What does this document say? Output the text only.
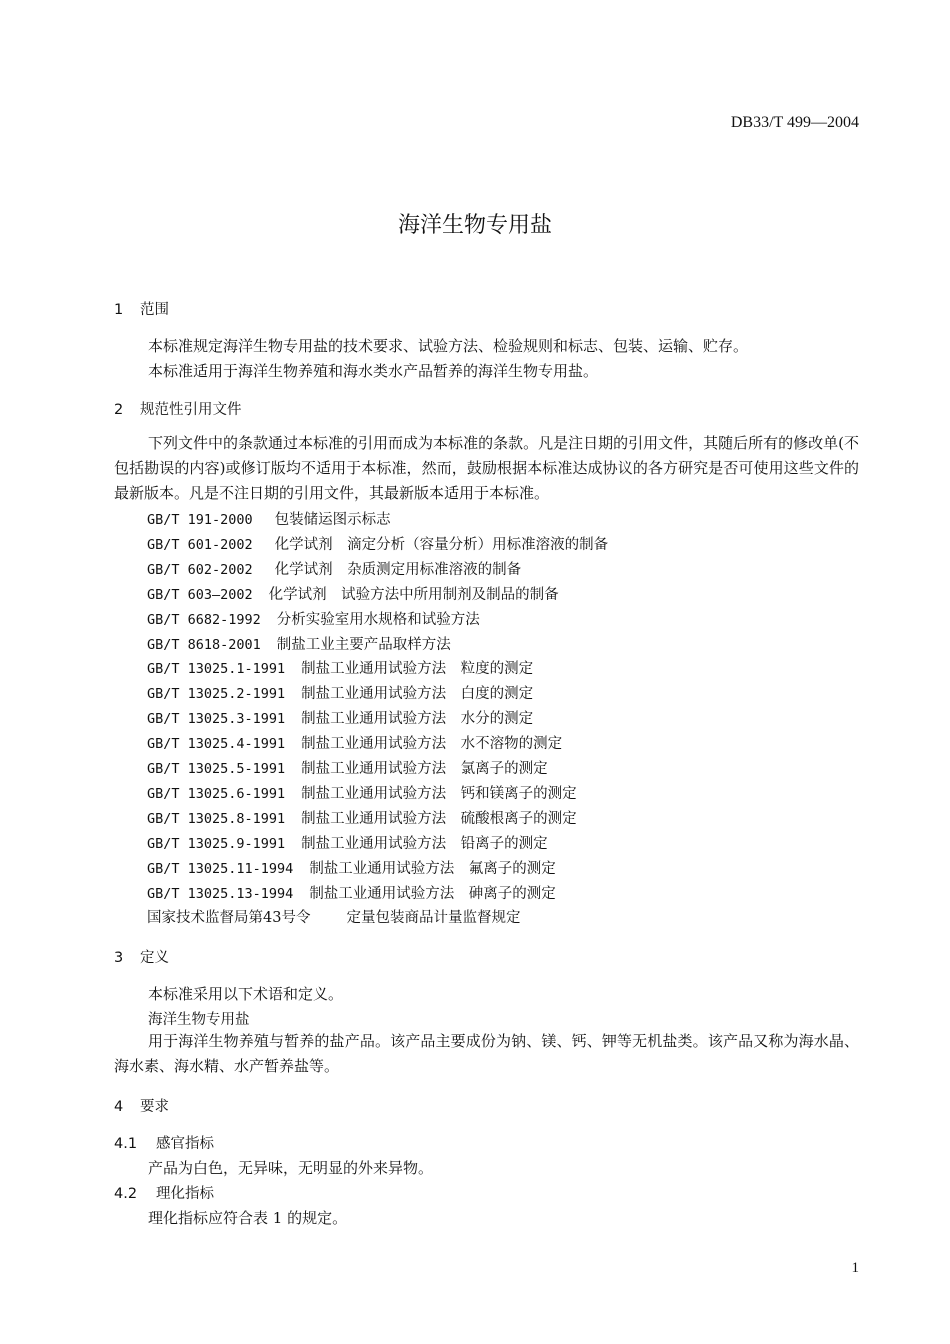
DB33/T 499—2004
海洋生物专用盐
1 范围
本标准规定海洋生物专用盐的技术要求、试验方法、检验规则和标志、包装、运输、贮存。
本标准适用于海洋生物养殖和海水类水产品暂养的海洋生物专用盐。
2 规范性引用文件
下列文件中的条款通过本标准的引用而成为本标准的条款。凡是注日期的引用文件，其随后所有的修改单(不包括勘误的内容)或修订版均不适用于本标准，然而，鼓励根据本标准达成协议的各方研究是否可使用这些文件的最新版本。凡是不注日期的引用文件，其最新版本适用于本标准。
GB/T 191-2000 包装储运图示标志
GB/T 601-2002 化学试剂　滴定分析（容量分析）用标准溶液的制备
GB/T 602-2002 化学试剂　杂质测定用标准溶液的制备
GB/T 603—2002 化学试剂　试验方法中所用制剂及制品的制备
GB/T 6682-1992 分析实验室用水规格和试验方法
GB/T 8618-2001 制盐工业主要产品取样方法
GB/T 13025.1-1991 制盐工业通用试验方法　粒度的测定
GB/T 13025.2-1991 制盐工业通用试验方法　白度的测定
GB/T 13025.3-1991 制盐工业通用试验方法　水分的测定
GB/T 13025.4-1991 制盐工业通用试验方法　水不溶物的测定
GB/T 13025.5-1991 制盐工业通用试验方法　氯离子的测定
GB/T 13025.6-1991 制盐工业通用试验方法　钙和镁离子的测定
GB/T 13025.8-1991 制盐工业通用试验方法　硫酸根离子的测定
GB/T 13025.9-1991 制盐工业通用试验方法　铅离子的测定
GB/T 13025.11-1994 制盐工业通用试验方法　氟离子的测定
GB/T 13025.13-1994 制盐工业通用试验方法　砷离子的测定
国家技术监督局第43号令 定量包装商品计量监督规定
3 定义
本标准采用以下术语和定义。
海洋生物专用盐
用于海洋生物养殖与暂养的盐产品。该产品主要成份为钠、镁、钙、钾等无机盐类。该产品又称为海水晶、海水素、海水精、水产暂养盐等。
4 要求
4.1 感官指标
产品为白色，无异味，无明显的外来异物。
4.2 理化指标
理化指标应符合表 1 的规定。
1
